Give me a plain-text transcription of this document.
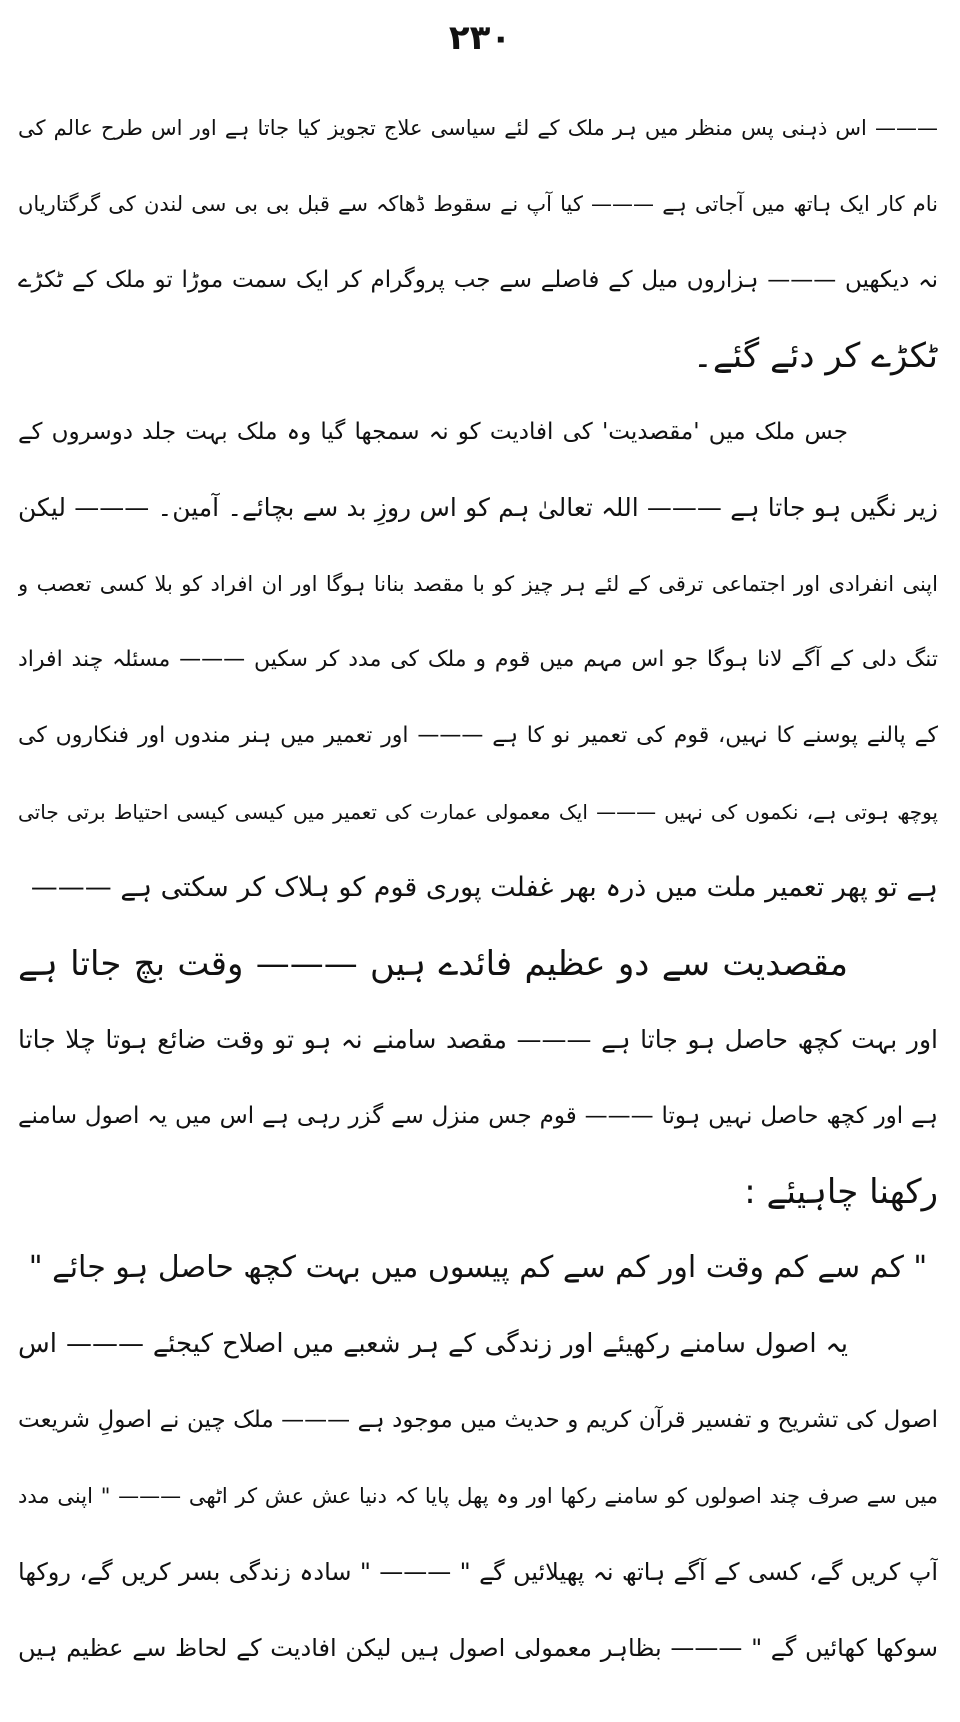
۲۳۰
——— اس ذہنی پس منظر میں ہر ملک کے لئے سیاسی علاج تجویز کیا جاتا ہے اور اس طرح عالم کی
نام کار ایک ہاتھ میں آجاتی ہے ——— کیا آپ نے سقوط ڈھاکہ سے قبل بی بی سی لندن کی گرگتاریاں
نہ دیکھیں ——— ہزاروں میل کے فاصلے سے جب پروگرام کر ایک سمت موڑا تو ملک کے ٹکڑے
ٹکڑے کر دئے گئے۔
جس ملک میں 'مقصدیت' کی افادیت کو نہ سمجھا گیا وہ ملک بہت جلد دوسروں کے
زیر نگیں ہو جاتا ہے ——— اللہ تعالیٰ ہم کو اس روزِ بد سے بچائے۔ آمین۔ ——— لیکن
اپنی انفرادی اور اجتماعی ترقی کے لئے ہر چیز کو با مقصد بنانا ہوگا اور ان افراد کو بلا کسی تعصب و
تنگ دلی کے آگے لانا ہوگا جو اس مہم میں قوم و ملک کی مدد کر سکیں ——— مسئلہ چند افراد
کے پالنے پوسنے کا نہیں، قوم کی تعمیر نو کا ہے ——— اور تعمیر میں ہنر مندوں اور فنکاروں کی
پوچھ ہوتی ہے، نکموں کی نہیں ——— ایک معمولی عمارت کی تعمیر میں کیسی کیسی احتیاط برتی جاتی
ہے تو پھر تعمیر ملت میں ذرہ بھر غفلت پوری قوم کو ہلاک کر سکتی ہے ———
مقصدیت سے دو عظیم فائدے ہیں ——— وقت بچ جاتا ہے
اور بہت کچھ حاصل ہو جاتا ہے ——— مقصد سامنے نہ ہو تو وقت ضائع ہوتا چلا جاتا
ہے اور کچھ حاصل نہیں ہوتا ——— قوم جس منزل سے گزر رہی ہے اس میں یہ اصول سامنے
رکھنا چاہیئے :
" کم سے کم وقت اور کم سے کم پیسوں میں بہت کچھ حاصل ہو جائے "
یہ اصول سامنے رکھیئے اور زندگی کے ہر شعبے میں اصلاح کیجئے ——— اس
اصول کی تشریح و تفسیر قرآن کریم و حدیث میں موجود ہے ——— ملک چین نے اصولِ شریعت
میں سے صرف چند اصولوں کو سامنے رکھا اور وہ پھل پایا کہ دنیا عش عش کر اٹھی ——— " اپنی مدد
آپ کریں گے، کسی کے آگے ہاتھ نہ پھیلائیں گے " ——— " سادہ زندگی بسر کریں گے، روکھا
سوکھا کھائیں گے " ——— بظاہر معمولی اصول ہیں لیکن افادیت کے لحاظ سے عظیم ہیں
